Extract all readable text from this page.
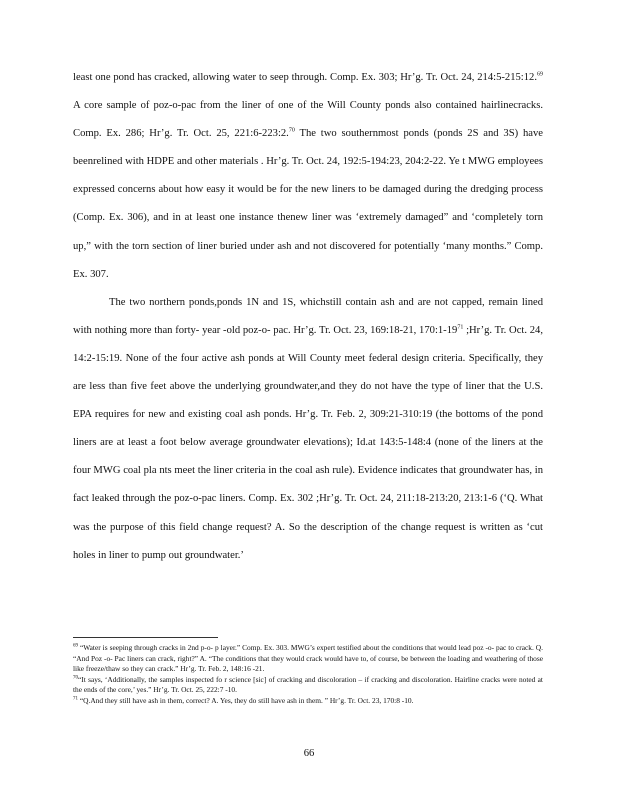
least one pond has cracked, allowing water to seep through. Comp. Ex. 303; Hr’g. Tr. Oct. 24, 214:5-215:12.69 A core sample of poz-o-pac from the liner of one of the Will County ponds also contained hairlinecracks. Comp. Ex. 286; Hr’g. Tr. Oct. 25, 221:6-223:2.70 The two southernmost ponds (ponds 2S and 3S) have beenrelined with HDPE and other materials . Hr’g. Tr. Oct. 24, 192:5-194:23, 204:2-22. Ye t MWG employees expressed concerns about how easy it would be for the new liners to be damaged during the dredging process (Comp. Ex. 306), and in at least one instance thenew liner was ‘extremely damaged” and ‘completely torn up,” with the torn section of liner buried under ash and not discovered for potentially ‘many months.” Comp. Ex. 307.

The two northern ponds,ponds 1N and 1S, whichstill contain ash and are not capped, remain lined with nothing more than forty- year -old poz-o- pac. Hr’g. Tr. Oct. 23, 169:18-21, $170:1-19^{71}$ ;Hr’g. Tr. Oct. 24, 14:2-15:19. None of the four active ash ponds at Will County meet federal design criteria. Specifically, they are less than five feet above the underlying groundwater,and they do not have the type of liner that the U.S. EPA requires for new and existing coal ash ponds. Hr’g. Tr. Feb. 2, 309:21-310:19 (the bottoms of the pond liners are at least a foot below average groundwater elevations); Id.at 143:5-148:4 (none of the liners at the four MWG coal pla nts meet the liner criteria in the coal ash rule). Evidence indicates that groundwater has, in fact leaked through the poz-o-pac liners. Comp. Ex. 302 ;Hr’g. Tr. Oct. 24, 211:18-213:20, 213:1-6 (‘Q. What was the purpose of this field change request? A. So the description of the change request is written as ‘cut holes in liner to pump out groundwater.’

$^{69}$ “Water is seeping through cracks in 2nd p-o- p layer.” Comp. Ex. 303. MWG’s expert testified about the conditions that would lead poz -o- pac to crack. Q. “And Poz -o- Pac liners can crack, right?” A. “The conditions that they would crack would have to, of course, be between the loading and weathering of those like freeze/thaw so they can crack.” Hr’g. Tr. Feb. 2, 148:16 -21.

$^{70}$“It says, ‘Additionally, the samples inspected fo r science [sic] of cracking and discoloration – if cracking and discoloration. Hairline cracks were noted at the ends of the core,’ yes.” Hr’g. Tr. Oct. 25, 222:7 -10.

$^{71}$ “Q.And they still have ash in them, correct? A. Yes, they do still have ash in them. ” Hr’g. Tr. Oct. 23, 170:8 -10.

66
